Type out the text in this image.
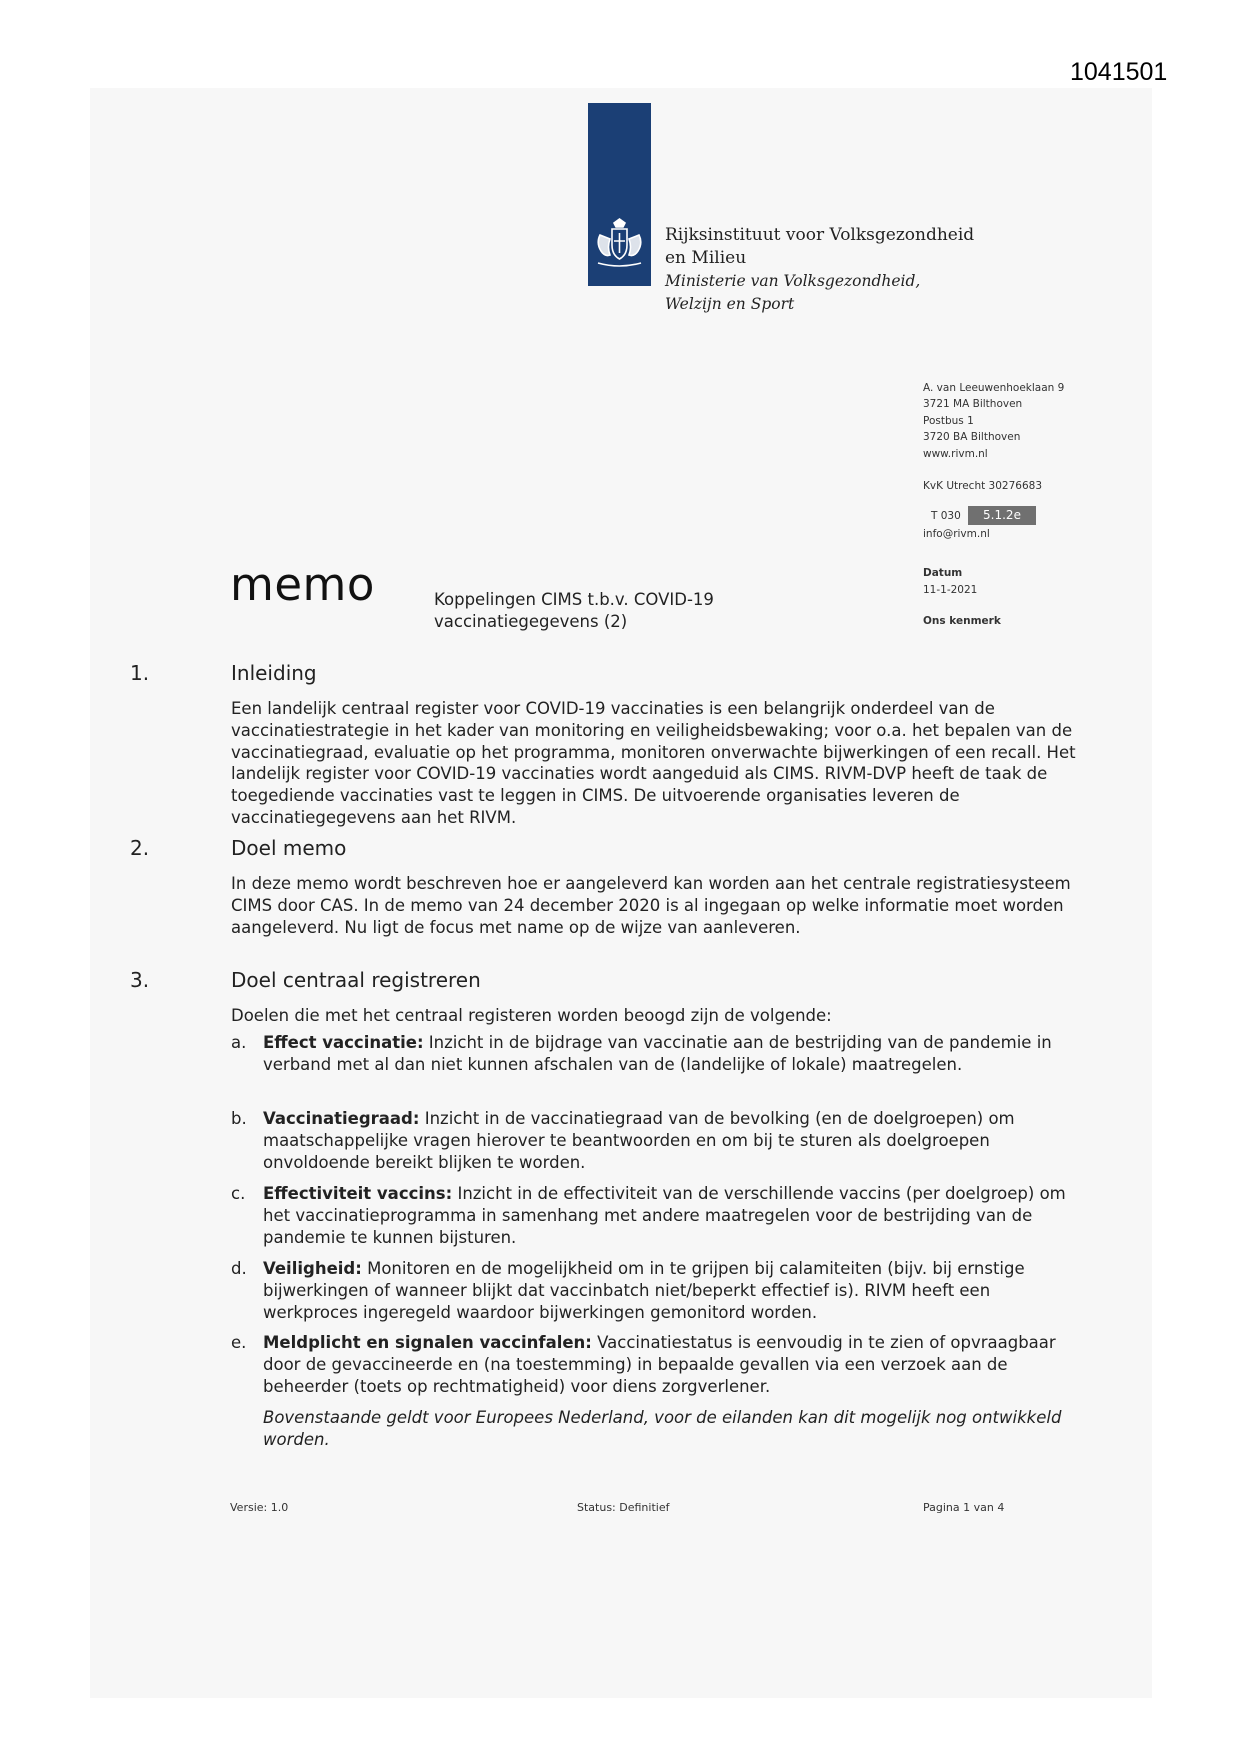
1041501
Rijksinstituut voor Volksgezondheid
en Milieu
Ministerie van Volksgezondheid,
Welzijn en Sport
A. van Leeuwenhoeklaan 9
3721 MA Bilthoven
Postbus 1
3720 BA Bilthoven
www.rivm.nl
KvK Utrecht 30276683
T 030	5.1.2e
info@rivm.nl
memo	Koppelingen CIMS t.b.v. COVID-19 vaccinatiegegevens (2)
Datum
11-1-2021
Ons kenmerk
1.	Inleiding
Een landelijk centraal register voor COVID-19 vaccinaties is een belangrijk onderdeel van de vaccinatiestrategie in het kader van monitoring en veiligheidsbewaking; voor o.a. het bepalen van de vaccinatiegraad, evaluatie op het programma, monitoren onverwachte bijwerkingen of een recall. Het landelijk register voor COVID-19 vaccinaties wordt aangeduid als CIMS. RIVM-DVP heeft de taak de toegediende vaccinaties vast te leggen in CIMS. De uitvoerende organisaties leveren de vaccinatiegegevens aan het RIVM.
2.	Doel memo
In deze memo wordt beschreven hoe er aangeleverd kan worden aan het centrale registratiesysteem CIMS door CAS. In de memo van 24 december 2020 is al ingegaan op welke informatie moet worden aangeleverd. Nu ligt de focus met name op de wijze van aanleveren.
3.	Doel centraal registreren
Doelen die met het centraal registeren worden beoogd zijn de volgende:
a. Effect vaccinatie: Inzicht in de bijdrage van vaccinatie aan de bestrijding van de pandemie in verband met al dan niet kunnen afschalen van de (landelijke of lokale) maatregelen.
b. Vaccinatiegraad: Inzicht in de vaccinatiegraad van de bevolking (en de doelgroepen) om maatschappelijke vragen hierover te beantwoorden en om bij te sturen als doelgroepen onvoldoende bereikt blijken te worden.
c. Effectiviteit vaccins: Inzicht in de effectiviteit van de verschillende vaccins (per doelgroep) om het vaccinatieprogramma in samenhang met andere maatregelen voor de bestrijding van de pandemie te kunnen bijsturen.
d. Veiligheid: Monitoren en de mogelijkheid om in te grijpen bij calamiteiten (bijv. bij ernstige bijwerkingen of wanneer blijkt dat vaccinbatch niet/beperkt effectief is). RIVM heeft een werkproces ingeregeld waardoor bijwerkingen gemonitord worden.
e. Meldplicht en signalen vaccinfalen: Vaccinatiestatus is eenvoudig in te zien of opvraagbaar door de gevaccineerde en (na toestemming) in bepaalde gevallen via een verzoek aan de beheerder (toets op rechtmatigheid) voor diens zorgverlener.
Bovenstaande geldt voor Europees Nederland, voor de eilanden kan dit mogelijk nog ontwikkeld worden.
Versie: 1.0	Status: Definitief	Pagina 1 van 4
